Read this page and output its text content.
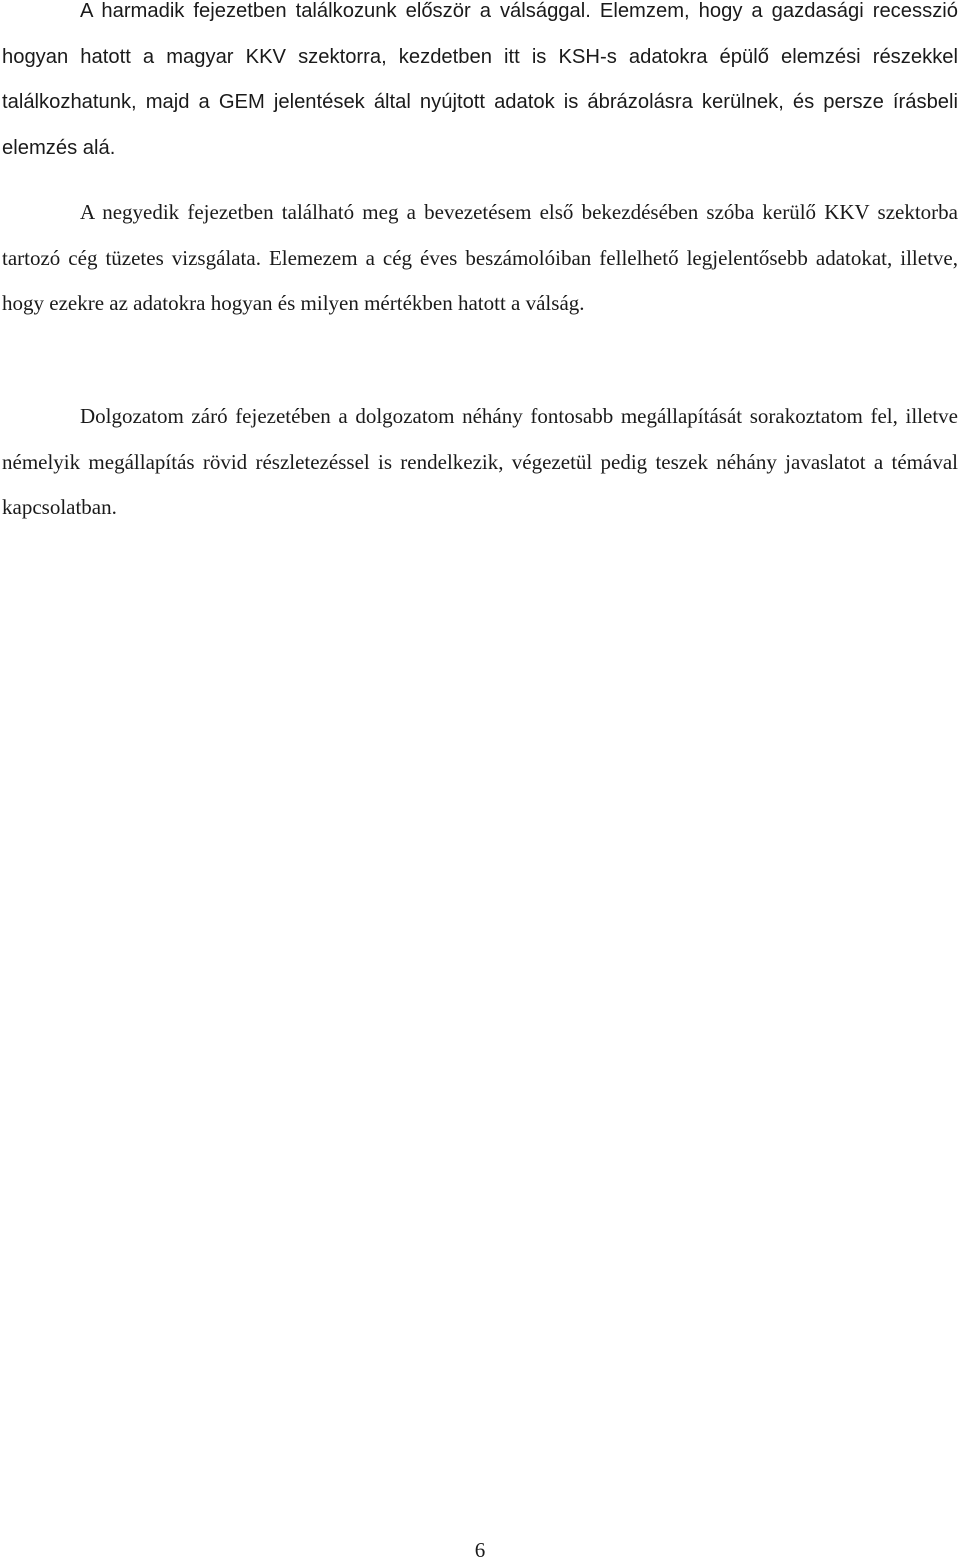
A harmadik fejezetben találkozunk először a válsággal. Elemzem, hogy a gazdasági recesszió hogyan hatott a magyar KKV szektorra, kezdetben itt is KSH-s adatokra épülő elemzési részekkel találkozhatunk, majd a GEM jelentések által nyújtott adatok is ábrázolásra kerülnek, és persze írásbeli elemzés alá.

A negyedik fejezetben található meg a bevezetésem első bekezdésében szóba kerülő KKV szektorba tartozó cég tüzetes vizsgálata. Elemezem a cég éves beszámolóiban fellelhető legjelentősebb adatokat, illetve, hogy ezekre az adatokra hogyan és milyen mértékben hatott a válság.

Dolgozatom záró fejezetében a dolgozatom néhány fontosabb megállapítását sorakoztatom fel, illetve némelyik megállapítás rövid részletezéssel is rendelkezik, végezetül pedig teszek néhány javaslatot a témával kapcsolatban.

6
